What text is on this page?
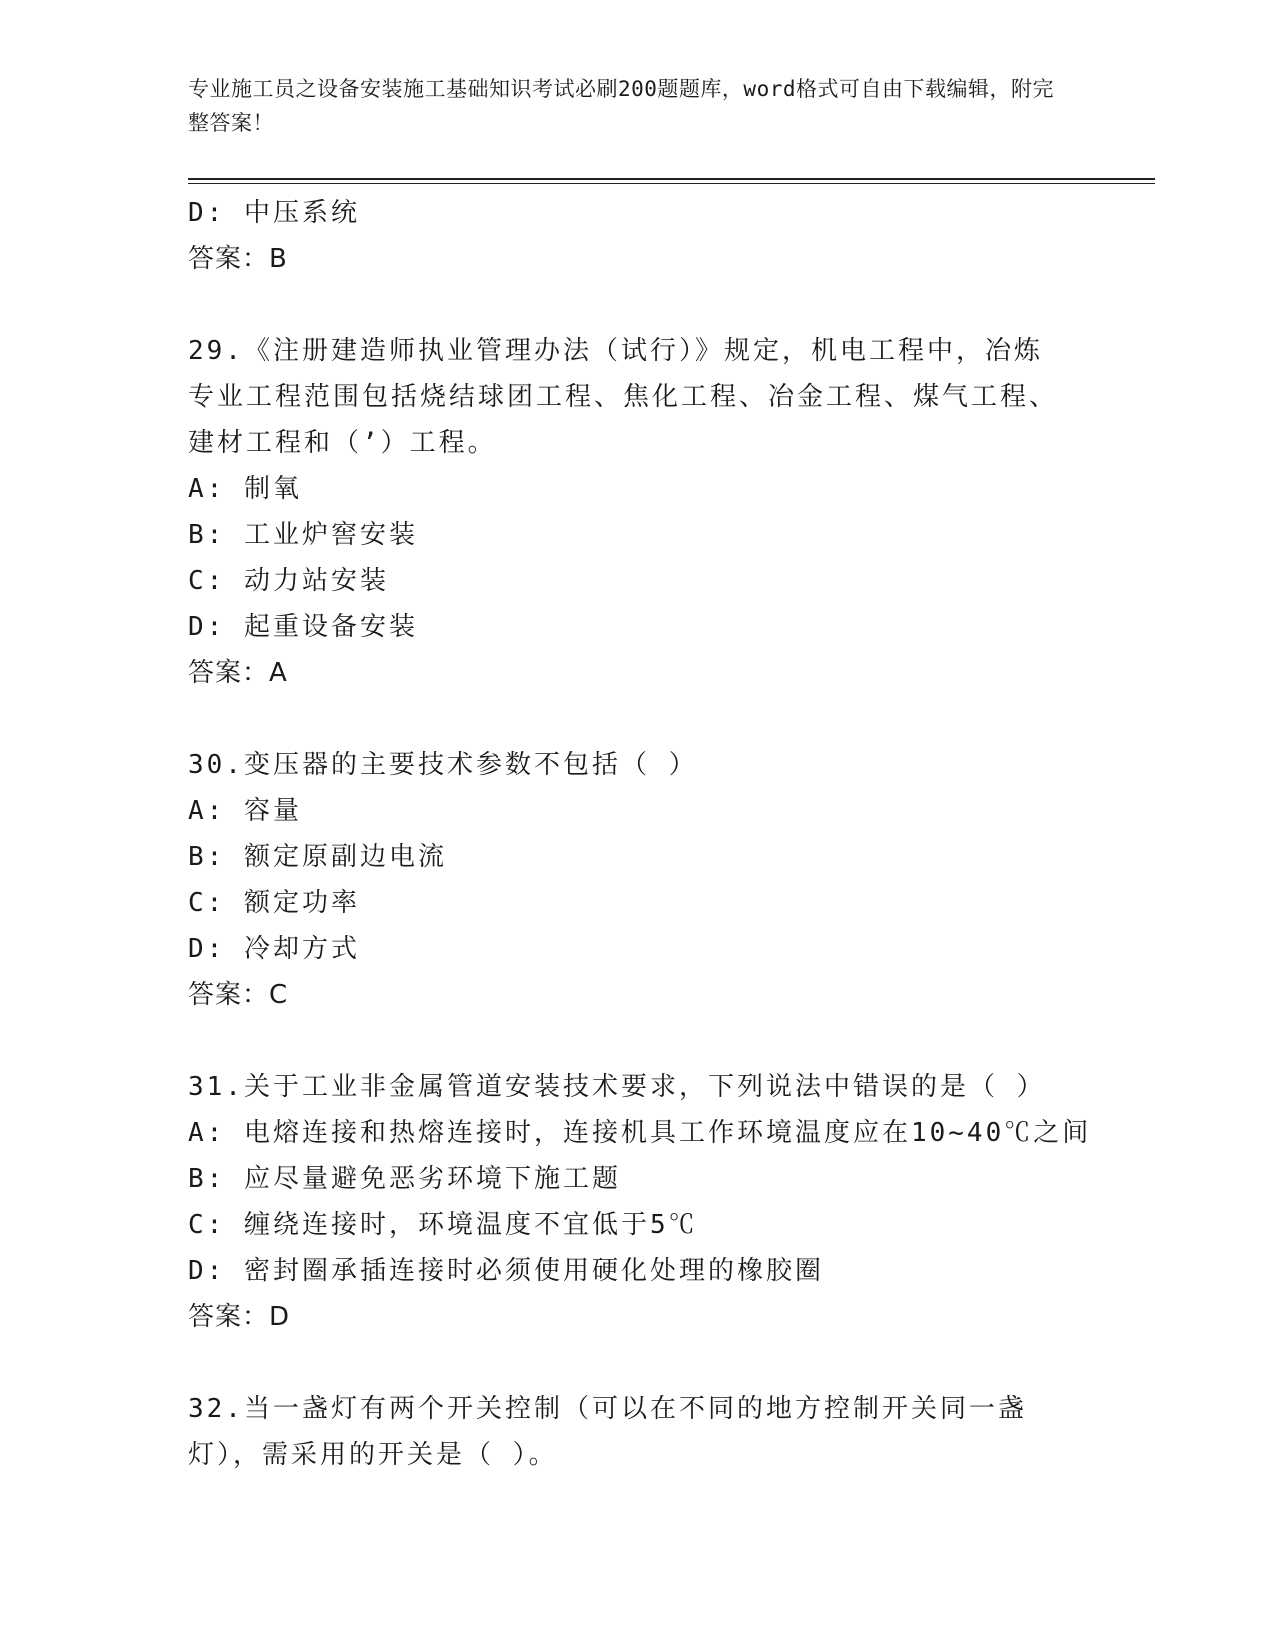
专业施工员之设备安装施工基础知识考试必刷200题题库，word格式可自由下载编辑，附完整答案！
D: 中压系统
答案：B
29.《注册建造师执业管理办法（试行）》规定，机电工程中，冶炼专业工程范围包括烧结球团工程、焦化工程、冶金工程、煤气工程、建材工程和（’）工程。
A: 制氧
B: 工业炉窖安装
C: 动力站安装
D: 起重设备安装
答案：A
30.变压器的主要技术参数不包括（ ）
A: 容量
B: 额定原副边电流
C: 额定功率
D: 冷却方式
答案：C
31.关于工业非金属管道安装技术要求，下列说法中错误的是（ ）
A: 电熔连接和热熔连接时，连接机具工作环境温度应在10~40℃之间
B: 应尽量避免恶劣环境下施工题
C: 缠绕连接时，环境温度不宜低于5℃
D: 密封圈承插连接时必须使用硬化处理的橡胶圈
答案：D
32.当一盏灯有两个开关控制（可以在不同的地方控制开关同一盏灯），需采用的开关是（ ）。
